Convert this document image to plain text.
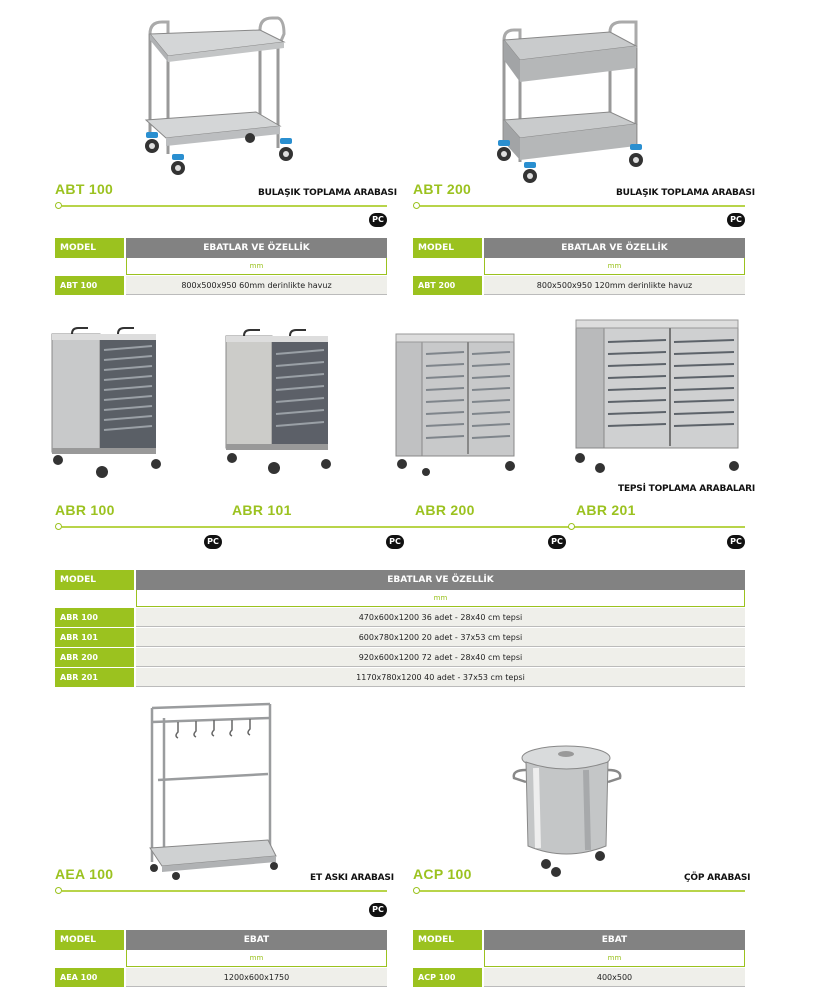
ABT 100	BULAŞIK TOPLAMA ARABASI
PC
ABT 200	BULAŞIK TOPLAMA ARABASI
PC
MODEL	EBATLAR VE ÖZELLİK
mm
ABT 100	800x500x950 60mm derinlikte havuz
MODEL	EBATLAR VE ÖZELLİK
mm
ABT 200	800x500x950 120mm derinlikte havuz
TEPSİ TOPLAMA ARABALARI
ABR 100	ABR 101	ABR 200	ABR 201
PC	PC	PC	PC
MODEL	EBATLAR VE ÖZELLİK
mm
ABR 100	470x600x1200 36 adet - 28x40 cm tepsi
ABR 101	600x780x1200 20 adet - 37x53 cm tepsi
ABR 200	920x600x1200 72 adet - 28x40 cm tepsi
ABR 201	1170x780x1200 40 adet - 37x53 cm tepsi
AEA 100	ET ASKI ARABASI
PC
ACP 100	ÇÖP ARABASI
MODEL	EBAT
mm
AEA 100	1200x600x1750
MODEL	EBAT
mm
ACP 100	400x500
